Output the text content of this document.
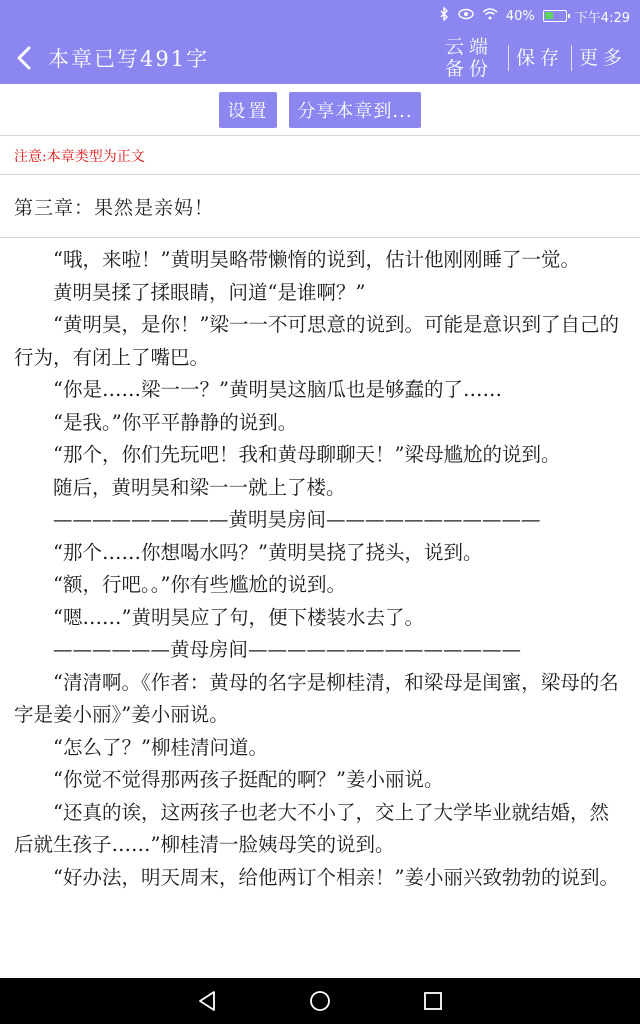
40%	下午4:29
本章已写491字	云端备份	保存 更多
设置	分享本章到...
注意:本章类型为正文
第三章：果然是亲妈！

“哦，来啦！”黄明昊略带懒惰的说到，估计他刚刚睡了一觉。

黄明昊揉了揉眼睛，问道“是谁啊？”

“黄明昊，是你！”梁一一不可思意的说到。可能是意识到了自己的行为，有闭上了嘴巴。

“你是……梁一一？”黄明昊这脑瓜也是够蠢的了……

“是我。”你平平静静的说到。

“那个，你们先玩吧！我和黄母聊聊天！”梁母尴尬的说到。

随后，黄明昊和梁一一就上了楼。

—————————黄明昊房间———————————

“那个……你想喝水吗？”黄明昊挠了挠头，说到。

“额，行吧。。”你有些尴尬的说到。

“嗯……”黄明昊应了句，便下楼装水去了。

——————黄母房间——————————————

“清清啊。《作者：黄母的名字是柳桂清，和梁母是闺蜜，梁母的名字是姜小丽》”姜小丽说。

“怎么了？”柳桂清问道。

“你觉不觉得那两孩子挺配的啊？”姜小丽说。

“还真的诶，这两孩子也老大不小了，交上了大学毕业就结婚，然后就生孩子……”柳桂清一脸姨母笑的说到。

“好办法，明天周末，给他两订个相亲！”姜小丽兴致勃勃的说到。
